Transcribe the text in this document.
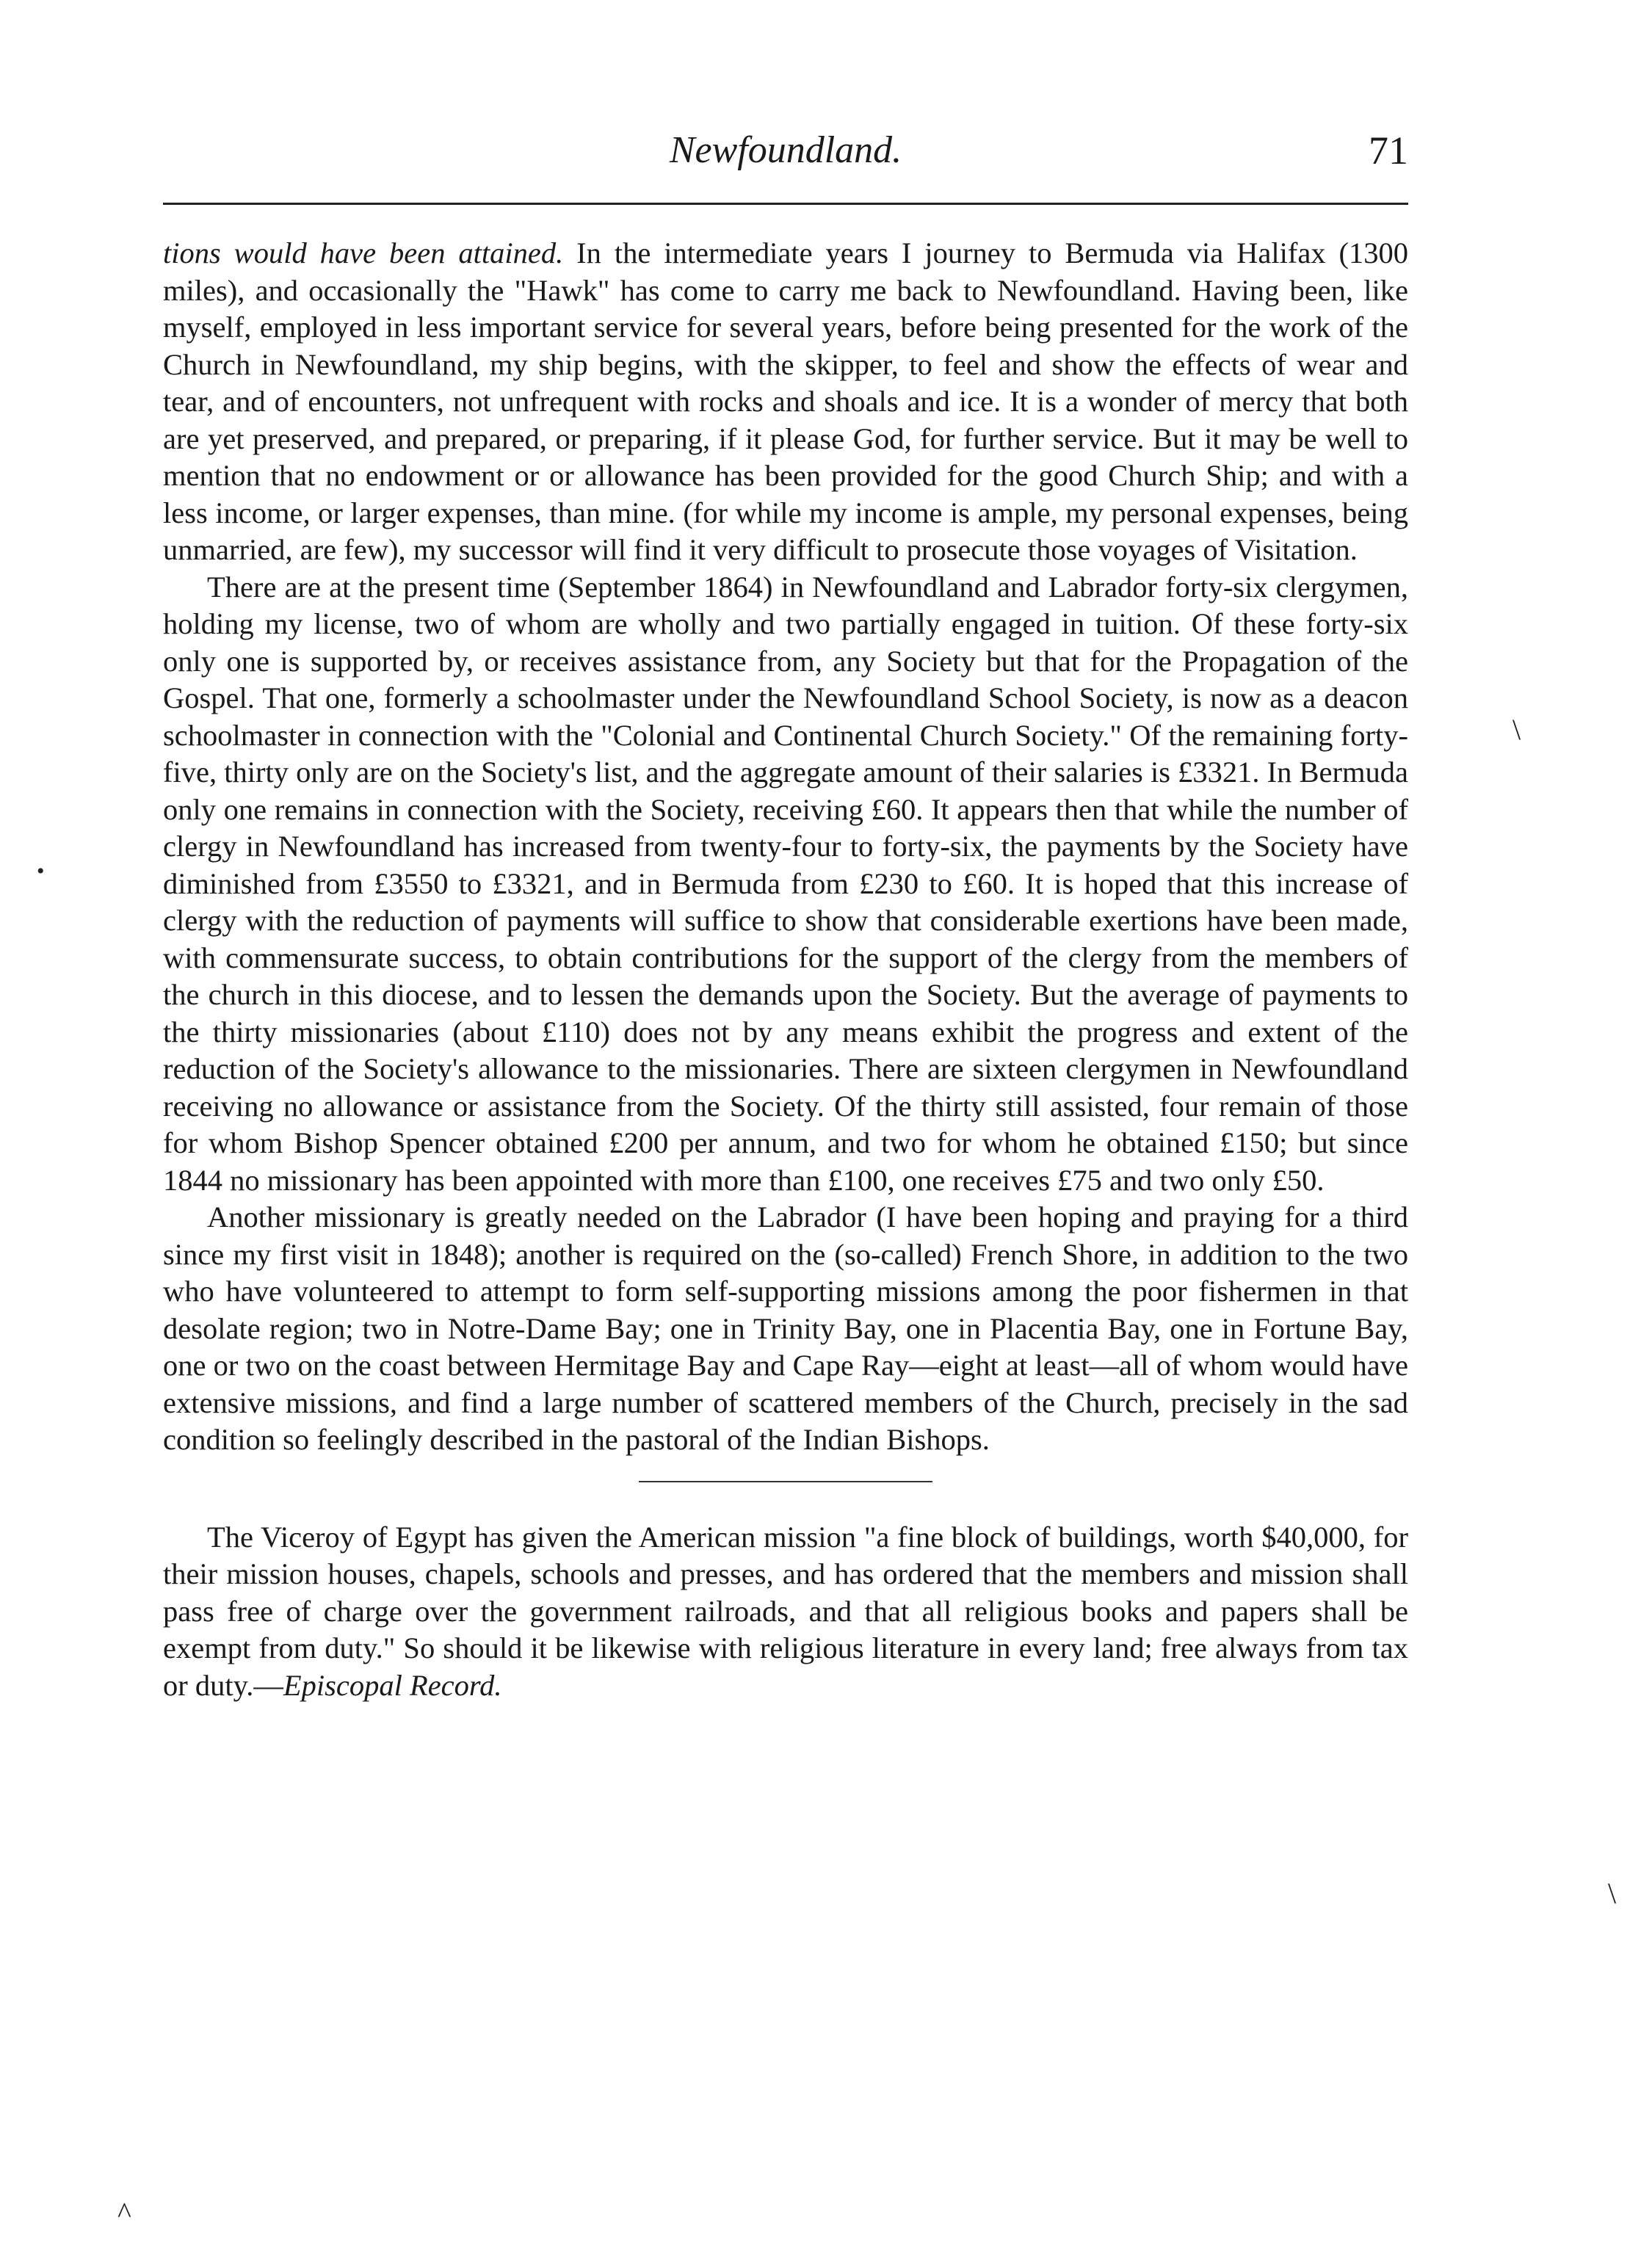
Newfoundland.	71

tions would have been attained. In the intermediate years I journey to Bermuda via Halifax (1300 miles), and occasionally the "Hawk" has come to carry me back to Newfoundland. Having been, like myself, employed in less important service for several years, before being presented for the work of the Church in Newfoundland, my ship begins, with the skipper, to feel and show the effects of wear and tear, and of encounters, not unfrequent with rocks and shoals and ice. It is a wonder of mercy that both are yet preserved, and prepared, or preparing, if it please God, for further service. But it may be well to mention that no endowment or or allowance has been provided for the good Church Ship; and with a less income, or larger expenses, than mine. (for while my income is ample, my personal expenses, being unmarried, are few), my successor will find it very difficult to prosecute those voyages of Visitation.

There are at the present time (September 1864) in Newfoundland and Labrador forty-six clergymen, holding my license, two of whom are wholly and two partially engaged in tuition. Of these forty-six only one is supported by, or receives assistance from, any Society but that for the Propagation of the Gospel. That one, formerly a schoolmaster under the Newfoundland School Society, is now as a deacon schoolmaster in connection with the "Colonial and Continental Church Society." Of the remaining forty-five, thirty only are on the Society's list, and the aggregate amount of their salaries is £3321. In Bermuda only one remains in connection with the Society, receiving £60. It appears then that while the number of clergy in Newfoundland has increased from twenty-four to forty-six, the payments by the Society have diminished from £3550 to £3321, and in Bermuda from £230 to £60. It is hoped that this increase of clergy with the reduction of payments will suffice to show that considerable exertions have been made, with commensurate success, to obtain contributions for the support of the clergy from the members of the church in this diocese, and to lessen the demands upon the Society. But the average of payments to the thirty missionaries (about £110) does not by any means exhibit the progress and extent of the reduction of the Society's allowance to the missionaries. There are sixteen clergymen in Newfoundland receiving no allowance or assistance from the Society. Of the thirty still assisted, four remain of those for whom Bishop Spencer obtained £200 per annum, and two for whom he obtained £150; but since 1844 no missionary has been appointed with more than £100, one receives £75 and two only £50.

Another missionary is greatly needed on the Labrador (I have been hoping and praying for a third since my first visit in 1848); another is required on the (so-called) French Shore, in addition to the two who have volunteered to attempt to form self-supporting missions among the poor fishermen in that desolate region; two in Notre-Dame Bay; one in Trinity Bay, one in Placentia Bay, one in Fortune Bay, one or two on the coast between Hermitage Bay and Cape Ray—eight at least—all of whom would have extensive missions, and find a large number of scattered members of the Church, precisely in the sad condition so feelingly described in the pastoral of the Indian Bishops.

The Viceroy of Egypt has given the American mission "a fine block of buildings, worth $40,000, for their mission houses, chapels, schools and presses, and has ordered that the members and mission shall pass free of charge over the government railroads, and that all religious books and papers shall be exempt from duty." So should it be likewise with religious literature in every land; free always from tax or duty.—Episcopal Record.

\
•
\
^
